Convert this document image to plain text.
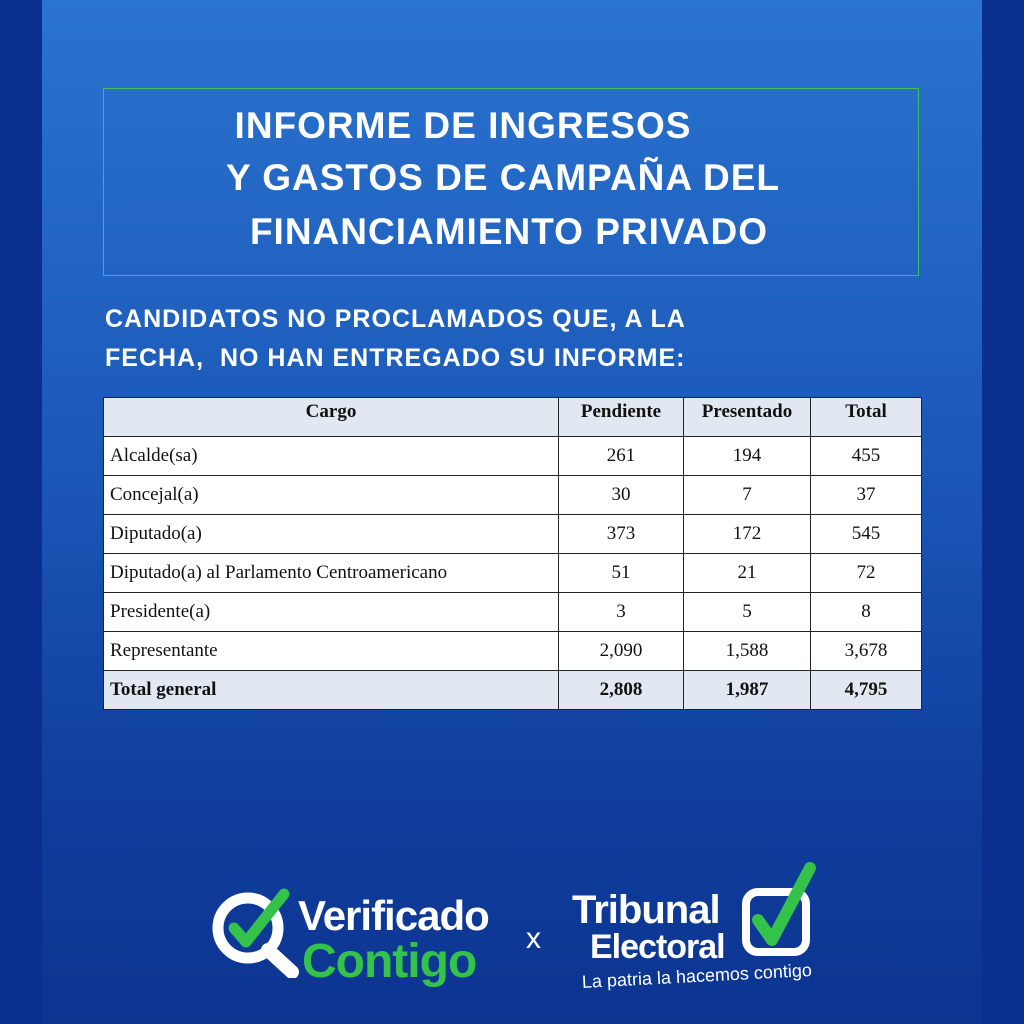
INFORME DE INGRESOS
Y GASTOS DE CAMPAÑA DEL
FINANCIAMIENTO PRIVADO
CANDIDATOS NO PROCLAMADOS QUE, A LA
FECHA,  NO HAN ENTREGADO SU INFORME:
Cargo	Pendiente	Presentado	Total
Alcalde(sa)	261	194	455
Concejal(a)	30	7	37
Diputado(a)	373	172	545
Diputado(a) al Parlamento Centroamericano	51	21	72
Presidente(a)	3	5	8
Representante	2,090	1,588	3,678
Total general	2,808	1,987	4,795
Verificado
Contigo x
Tribunal
Electoral
La patria la hacemos contigo
